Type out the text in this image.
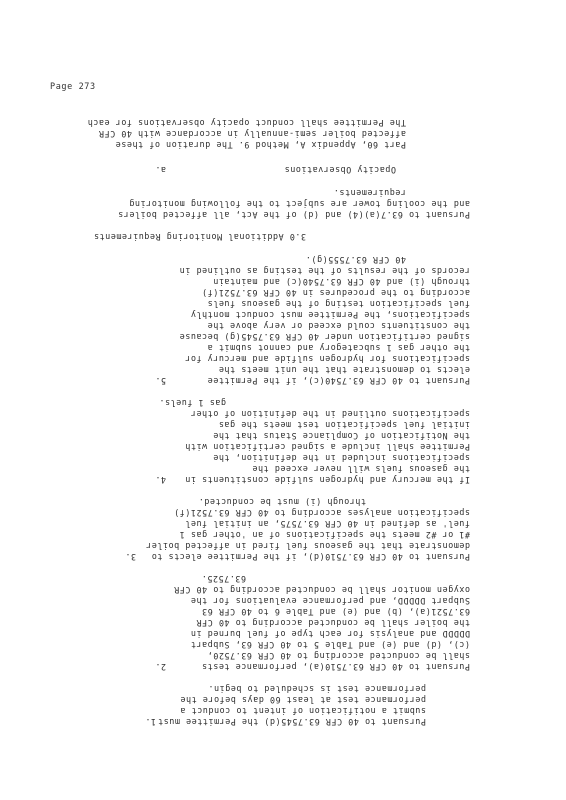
Page 273
Part 60, Appendix A, Method 9. The duration of these
affected boiler semi-annually in accordance with 40 CFR
The Permittee shall conduct opacity observations for each
a.	Opacity Observations
requirements.
and the cooling tower are subject to the following monitoring
Pursuant to 63.7(a)(4) and (d) of the Act, all affected boilers
3.0 Additional Monitoring Requirements
40 CFR 63.7555(g).
records of the results of the testing as outlined in
through (i) and 40 CFR 63.7540(c) and maintain
according to the procedures in 40 CFR 63.7521(f)
fuel specification testing of the gaseous fuels
specifications, the Permittee must conduct monthly
the constituents could exceed or very above the
signed certification under 40 CFR 63.7545(g) because
the other gas 1 subcategory and cannot submit a
specifications for hydrogen sulfide and mercury for
elects to demonstrate that the unit meets the
Pursuant to 40 CFR 63.7540(c), if the Permittee
5.
gas 1 fuels.
specifications outlined in the definition of other
initial fuel specification test meets the gas
the Notification of Compliance Status that the
Permittee shall include a signed certification with
specifications included in the definition, the
the gaseous fuels will never exceed the
If the mercury and hydrogen sulfide constituents in
4.
through (i) must be conducted.
specification analyses according to 40 CFR 63.7521(f)
fuel' as defined in 40 CFR 63.7575, an initial fuel
#1 or #2 meets the specifications of an 'other gas 1
demonstrate that the gaseous fuel fired in affected boiler
Pursuant to 40 CFR 63.7510(d), if the Permittee elects to
3.
63.7525.
oxygen monitor shall be conducted according to 40 CFR
Subpart DDDDD, and performance evaluations for the
63.7521(a), (b) and (e) and Table 6 to 40 CFR 63
the boiler shall be conducted according to 40 CFR
DDDDD and analysis for each type of fuel burned in
(c), (d) and (e) and Table 5 to 40 CFR 63, Subpart
shall be conducted according to 40 CFR 63.7520,
Pursuant to 40 CFR 63.7510(a), performance tests
2.
performance test is scheduled to begin.
performance test at least 60 days before the
submit a notification of intent to conduct a
Pursuant to 40 CFR 63.7545(d) the Permittee must
1.
